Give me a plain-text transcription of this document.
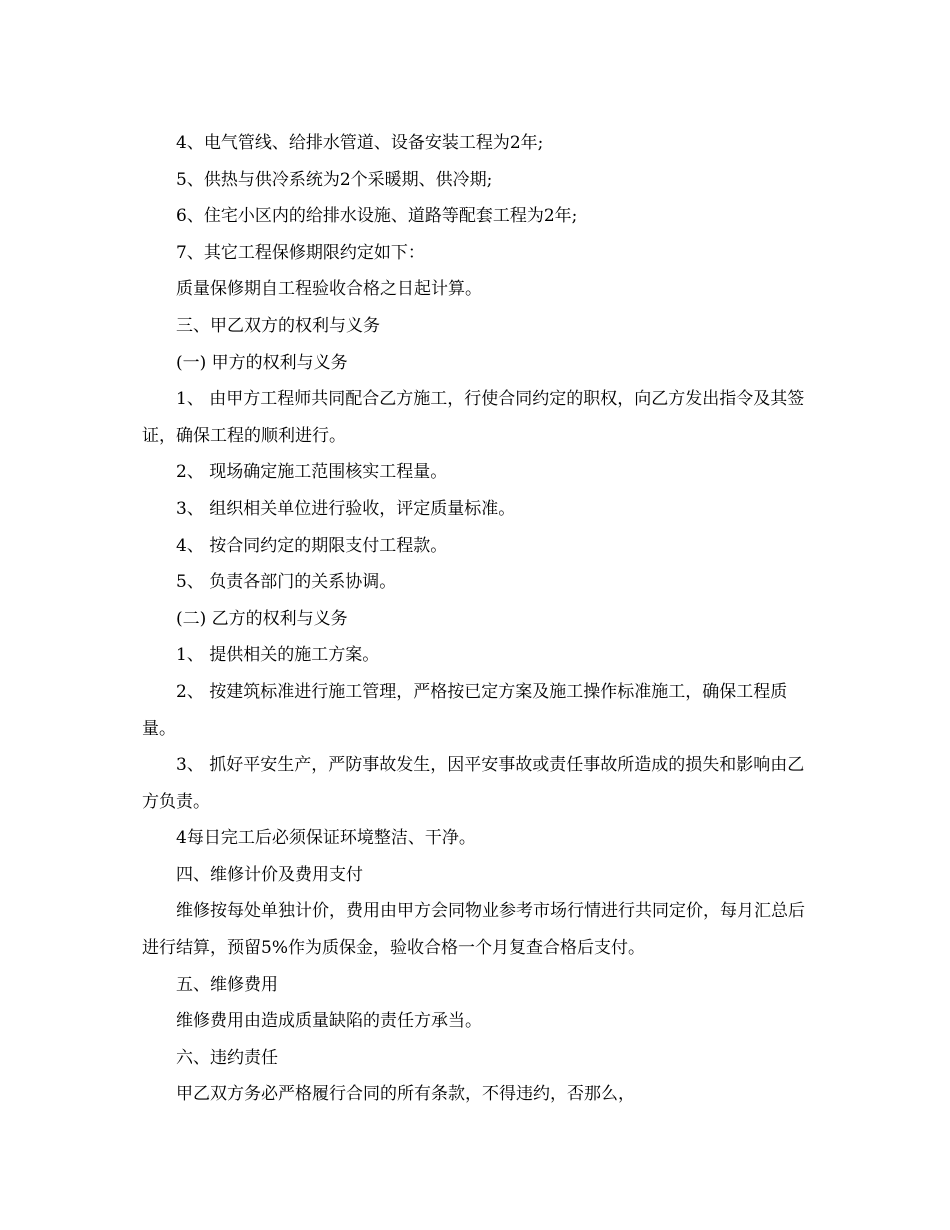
4、电气管线、给排水管道、设备安装工程为2年;

5、供热与供冷系统为2个采暖期、供冷期;

6、住宅小区内的给排水设施、道路等配套工程为2年;

7、其它工程保修期限约定如下：

质量保修期自工程验收合格之日起计算。

三、甲乙双方的权利与义务

(一) 甲方的权利与义务

1、 由甲方工程师共同配合乙方施工，行使合同约定的职权，向乙方发出指令及其签证，确保工程的顺利进行。

2、 现场确定施工范围核实工程量。

3、 组织相关单位进行验收，评定质量标准。

4、 按合同约定的期限支付工程款。

5、 负责各部门的关系协调。

(二) 乙方的权利与义务

1、 提供相关的施工方案。

2、 按建筑标准进行施工管理，严格按已定方案及施工操作标准施工，确保工程质量。

3、 抓好平安生产，严防事故发生，因平安事故或责任事故所造成的损失和影响由乙方负责。

4每日完工后必须保证环境整洁、干净。

四、维修计价及费用支付

维修按每处单独计价，费用由甲方会同物业参考市场行情进行共同定价，每月汇总后进行结算，预留5%作为质保金，验收合格一个月复查合格后支付。

五、维修费用

维修费用由造成质量缺陷的责任方承当。

六、违约责任

甲乙双方务必严格履行合同的所有条款，不得违约，否那么，
